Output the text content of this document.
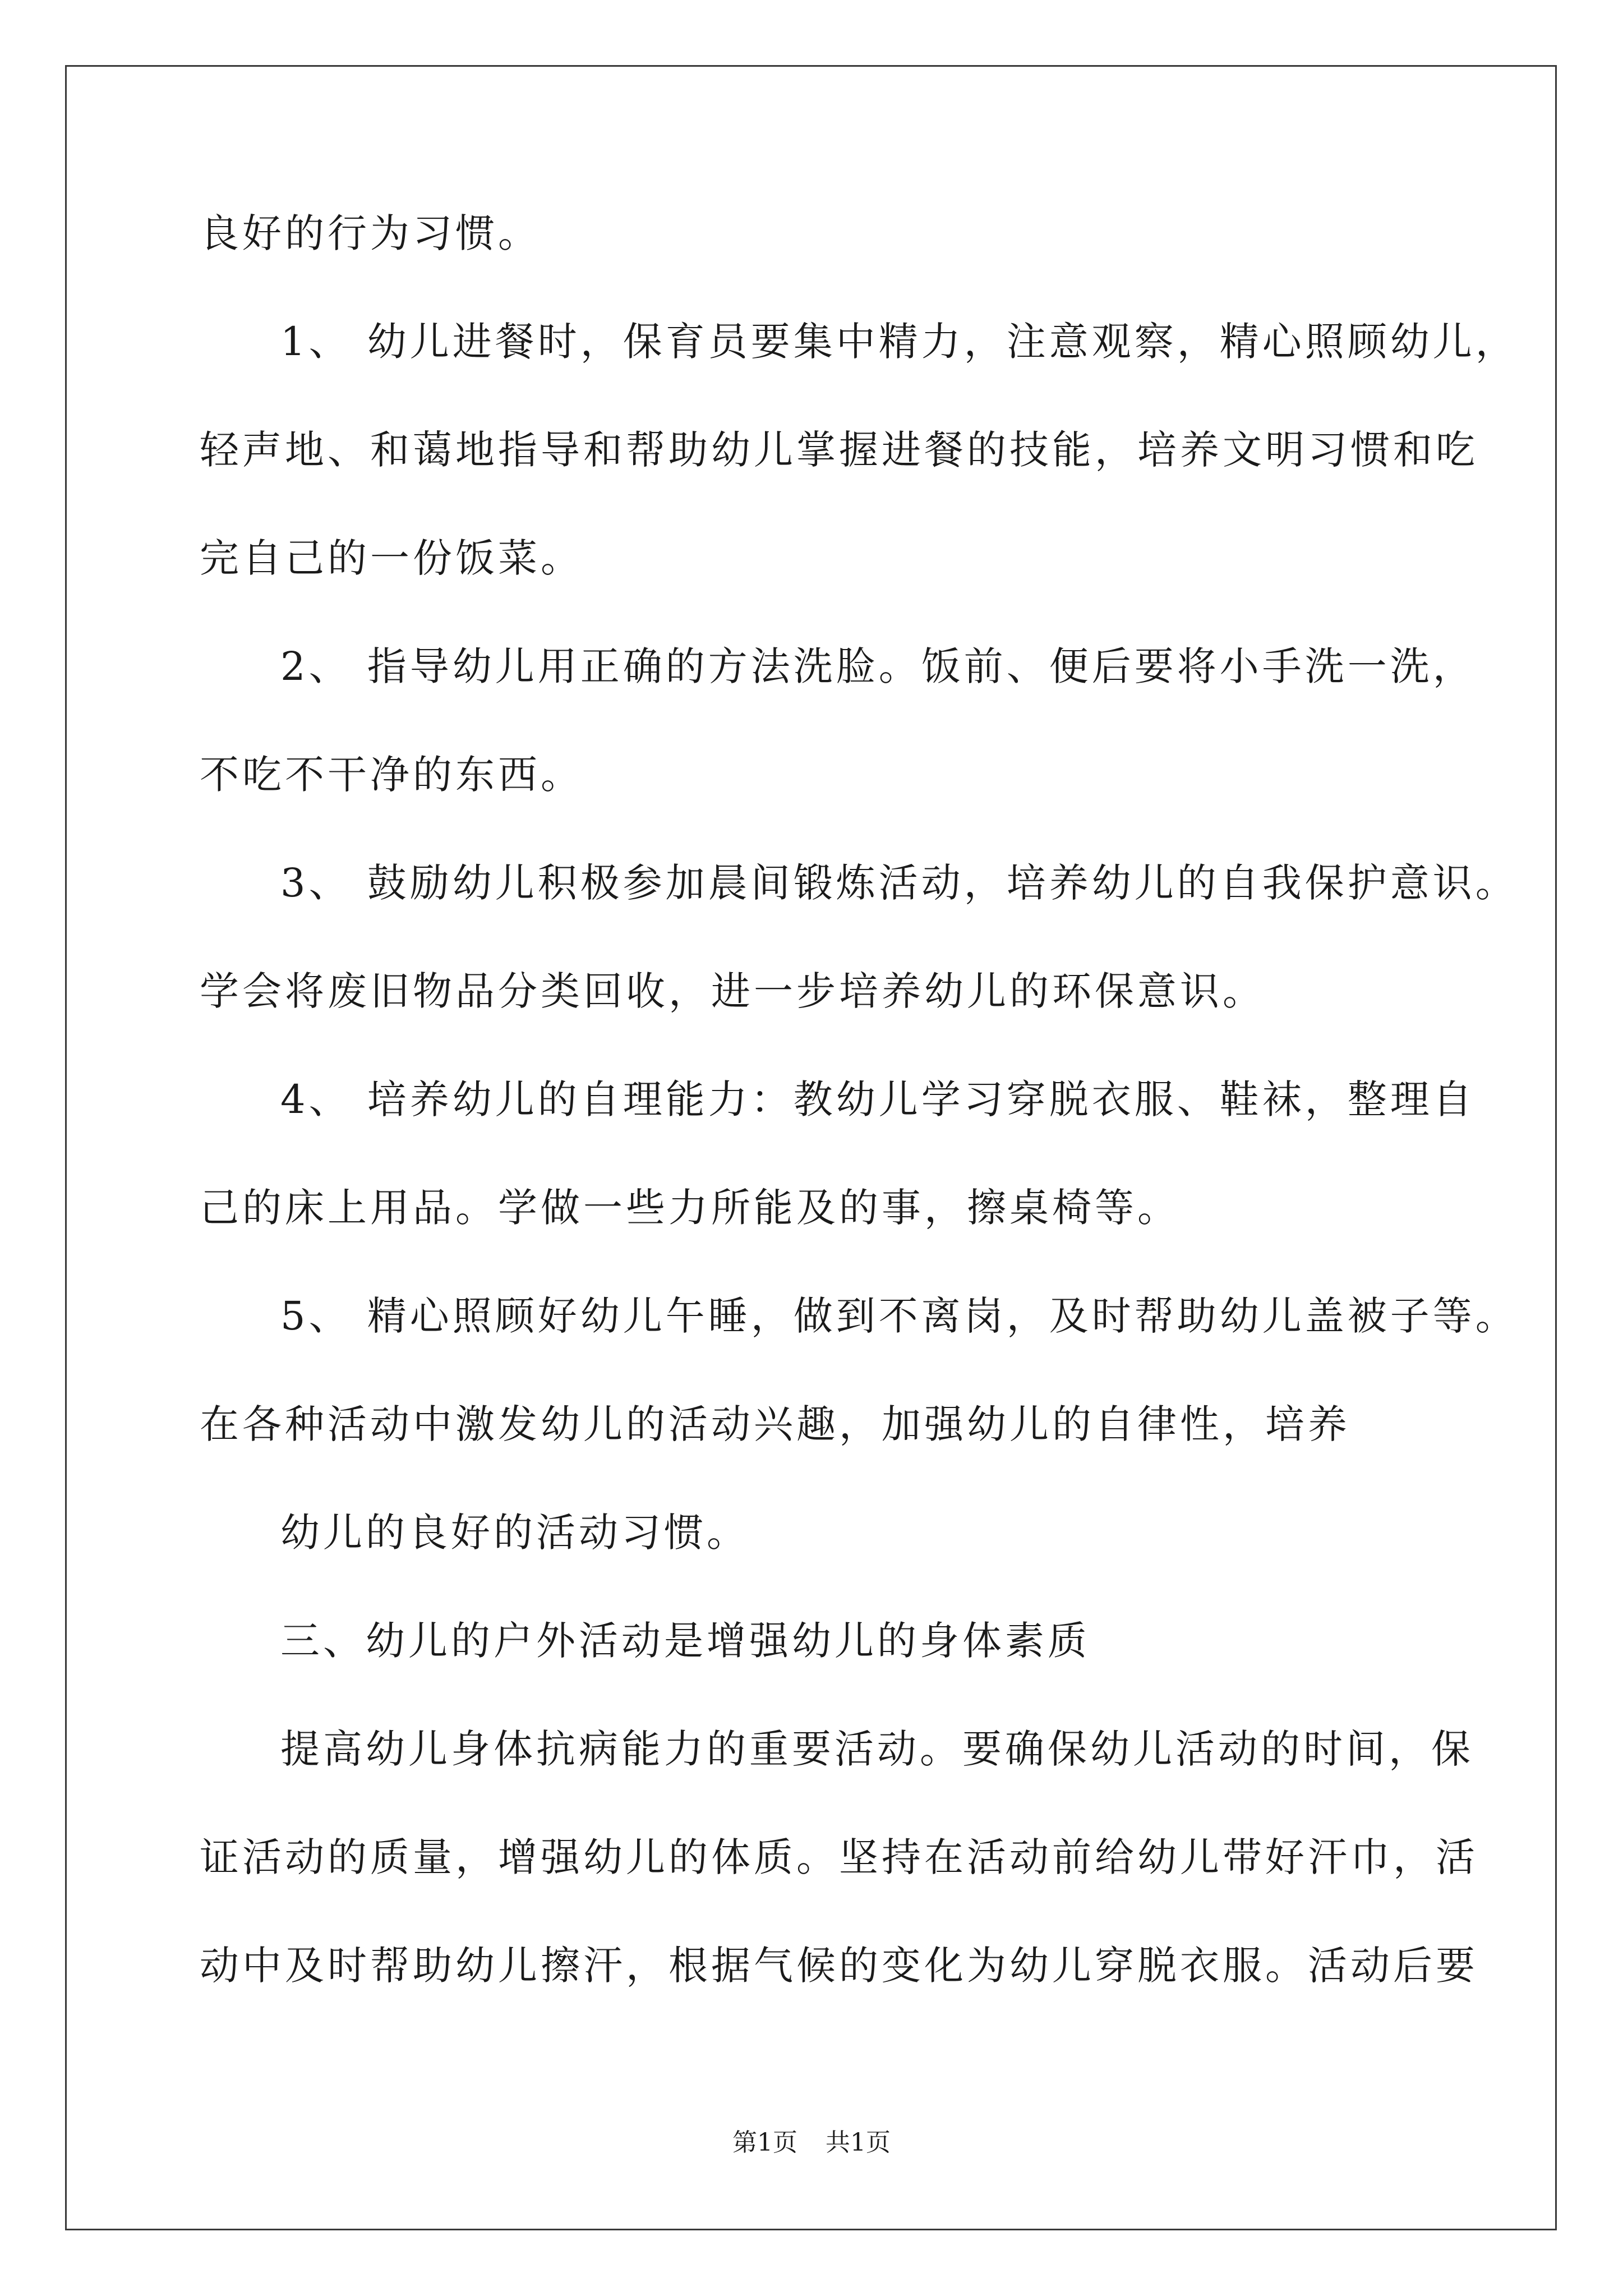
良好的行为习惯。
1、 幼儿进餐时，保育员要集中精力，注意观察，精心照顾幼儿，
轻声地、和蔼地指导和帮助幼儿掌握进餐的技能，培养文明习惯和吃
完自己的一份饭菜。
2、 指导幼儿用正确的方法洗脸。饭前、便后要将小手洗一洗，
不吃不干净的东西。
3、 鼓励幼儿积极参加晨间锻炼活动，培养幼儿的自我保护意识。
学会将废旧物品分类回收，进一步培养幼儿的环保意识。
4、 培养幼儿的自理能力：教幼儿学习穿脱衣服、鞋袜，整理自
己的床上用品。学做一些力所能及的事，擦桌椅等。
5、 精心照顾好幼儿午睡，做到不离岗，及时帮助幼儿盖被子等。
在各种活动中激发幼儿的活动兴趣，加强幼儿的自律性，培养
幼儿的良好的活动习惯。
三、幼儿的户外活动是增强幼儿的身体素质
提高幼儿身体抗病能力的重要活动。要确保幼儿活动的时间，保
证活动的质量，增强幼儿的体质。坚持在活动前给幼儿带好汗巾，活
动中及时帮助幼儿擦汗，根据气候的变化为幼儿穿脱衣服。活动后要
第1页 共1页
